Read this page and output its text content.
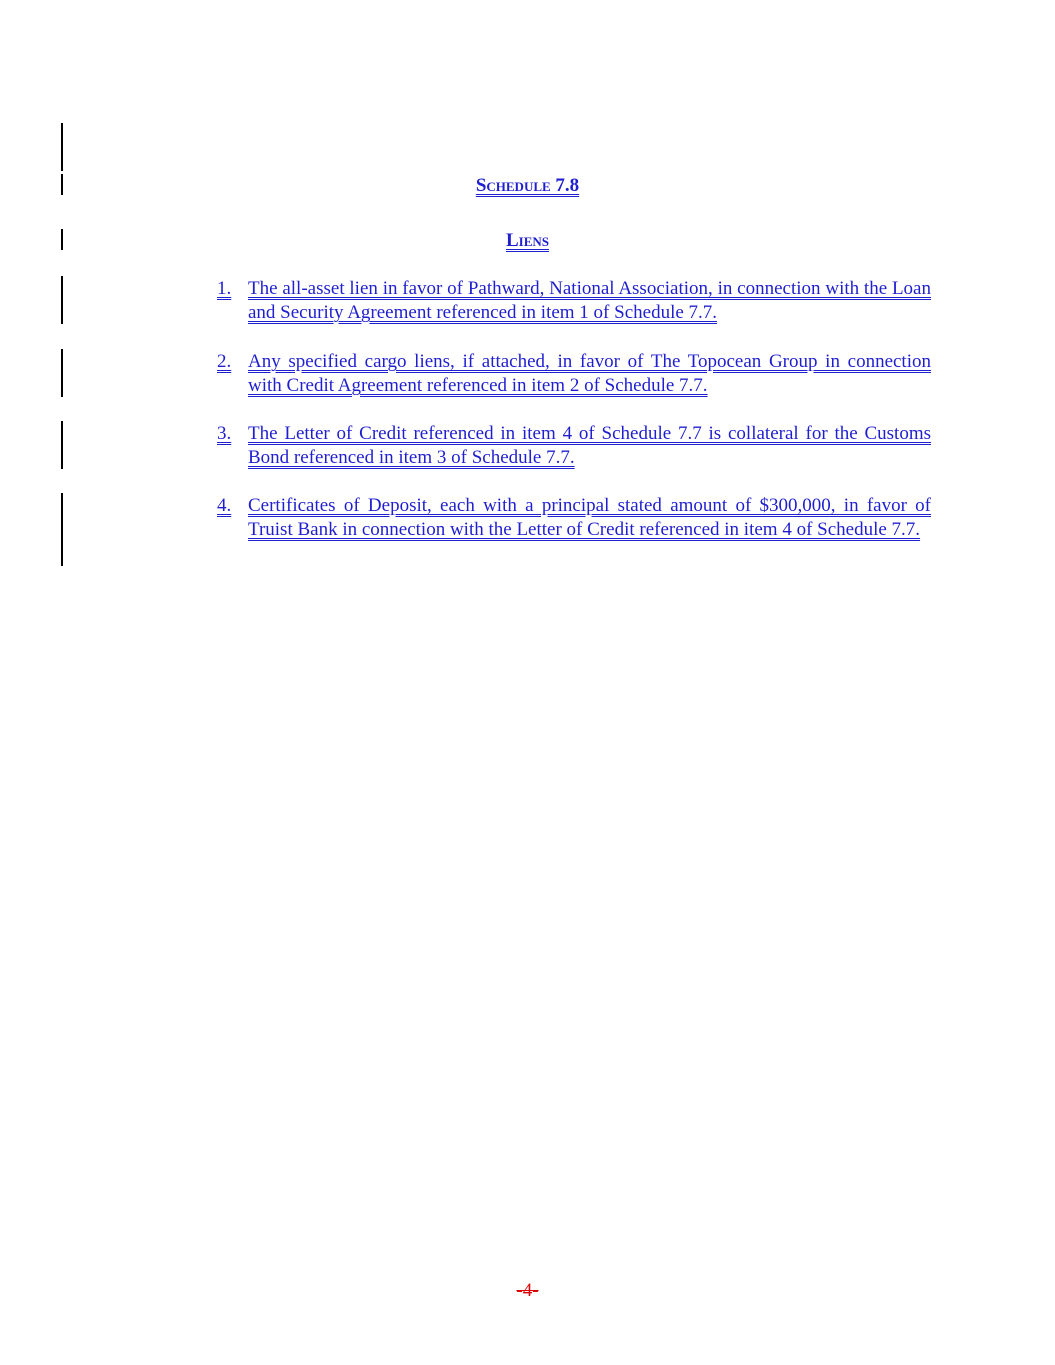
Schedule 7.8
Liens
1. The all-asset lien in favor of Pathward, National Association, in connection with the Loan and Security Agreement referenced in item 1 of Schedule 7.7.
2. Any specified cargo liens, if attached, in favor of The Topocean Group in connection with Credit Agreement referenced in item 2 of Schedule 7.7.
3. The Letter of Credit referenced in item 4 of Schedule 7.7 is collateral for the Customs Bond referenced in item 3 of Schedule 7.7.
4. Certificates of Deposit, each with a principal stated amount of $300,000, in favor of Truist Bank in connection with the Letter of Credit referenced in item 4 of Schedule 7.7.
-4-
